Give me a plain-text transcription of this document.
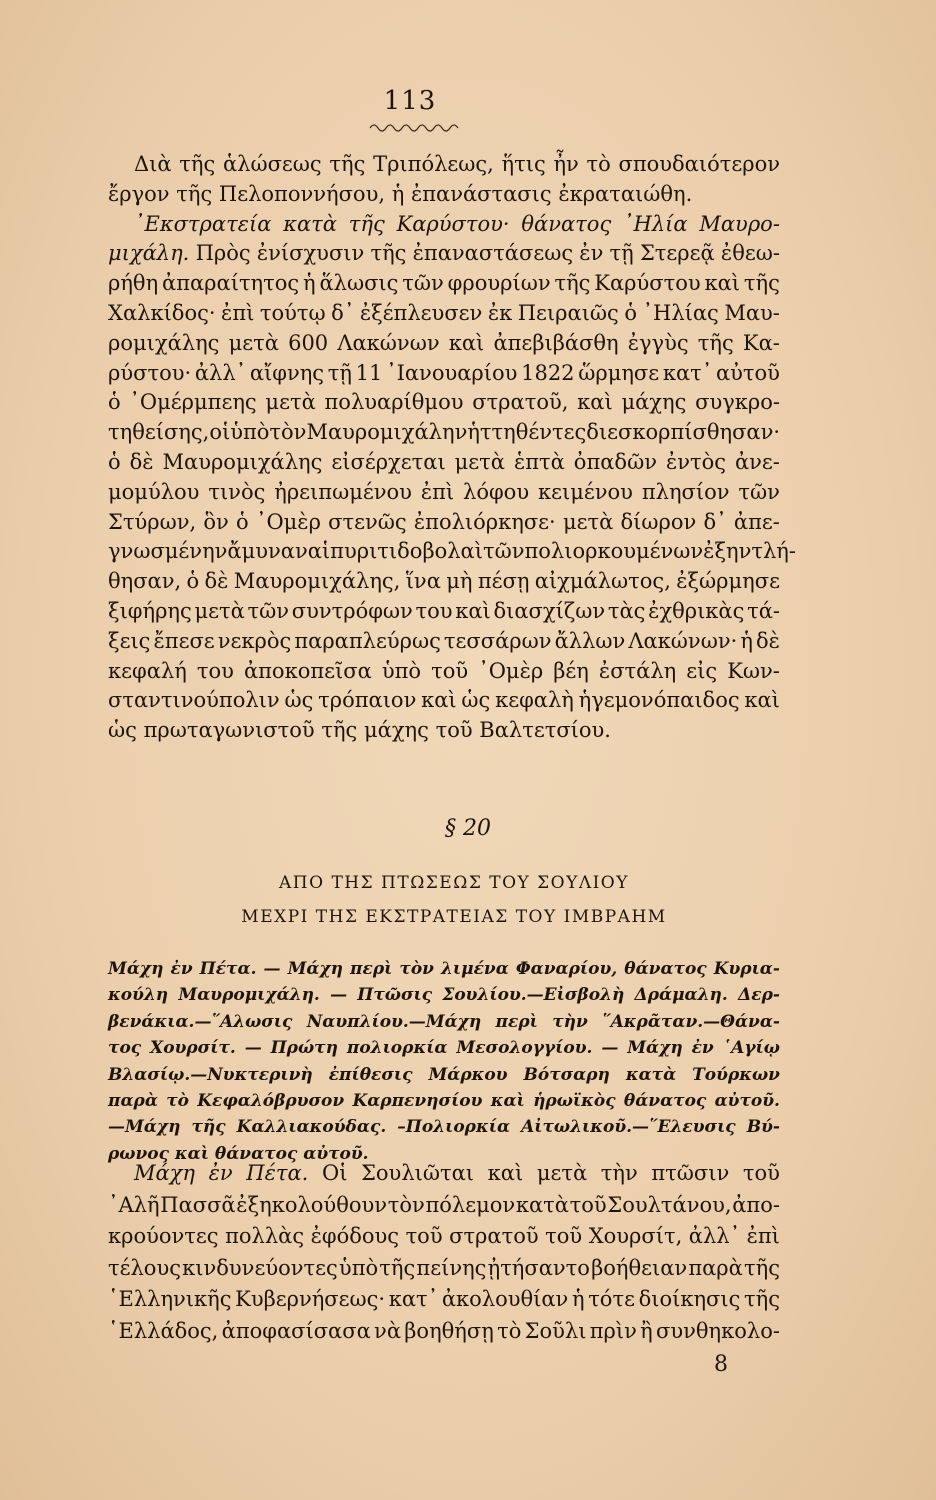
113
Διὰ τῆς ἁλώσεως τῆς Τριπόλεως, ἥτις ἦν τὸ σπουδαιότερον
ἔργον τῆς Πελοποννήσου, ἡ ἐπανάστασις ἐκραταιώθη.
᾿Εκστρατεία κατὰ τῆς Καρύστου· θάνατος ᾿Ηλία Μαυρο-
μιχάλη. Πρὸς ἐνίσχυσιν τῆς ἐπαναστάσεως ἐν τῇ Στερεᾷ ἐθεω-
ρήθη ἀπαραίτητος ἡ ἅλωσις τῶν φρουρίων τῆς Καρύστου καὶ τῆς
Χαλκίδος· ἐπὶ τούτῳ δ᾿ ἐξέπλευσεν ἐκ Πειραιῶς ὁ ᾿Ηλίας Μαυ-
ρομιχάλης μετὰ 600 Λακώνων καὶ ἀπεβιβάσθη ἐγγὺς τῆς Κα-
ρύστου· ἀλλ᾿ αἴφνης τῇ 11 ᾿Ιανουαρίου 1822 ὥρμησε κατ᾿ αὐτοῦ
ὁ ᾿Ομέρμπεης μετὰ πολυαρίθμου στρατοῦ, καὶ μάχης συγκρο-
τηθείσης, οἱ ὑπὸ τὸν Μαυρομιχάλην ἡττηθέντες διεσκορπίσθησαν·
ὁ δὲ Μαυρομιχάλης εἰσέρχεται μετὰ ἑπτὰ ὀπαδῶν ἐντὸς ἀνε-
μομύλου τινὸς ἠρειπωμένου ἐπὶ λόφου κειμένου πλησίον τῶν
Στύρων, ὃν ὁ ᾿Ομὲρ στενῶς ἐπολιόρκησε· μετὰ δίωρον δ᾿ ἀπε-
γνωσμένην ἄμυναν αἱ πυριτιδοβολαὶ τῶν πολιορκουμένων ἐξηντλή-
θησαν, ὁ δὲ Μαυρομιχάλης, ἵνα μὴ πέσῃ αἰχμάλωτος, ἐξώρμησε
ξιφήρης μετὰ τῶν συντρόφων του καὶ διασχίζων τὰς ἐχθρικὰς τά-
ξεις ἔπεσε νεκρὸς παραπλεύρως τεσσάρων ἄλλων Λακώνων· ἡ δὲ
κεφαλή του ἀποκοπεῖσα ὑπὸ τοῦ ᾿Ομὲρ βέη ἐστάλη εἰς Κων-
σταντινούπολιν ὡς τρόπαιον καὶ ὡς κεφαλὴ ἡγεμονόπαιδος καὶ
ὡς πρωταγωνιστοῦ τῆς μάχης τοῦ Βαλτετσίου.
§ 20
ΑΠΟ ΤΗΣ ΠΤΩΣΕΩΣ ΤΟΥ ΣΟΥΛΙΟΥ
ΜΕΧΡΙ ΤΗΣ ΕΚΣΤΡΑΤΕΙΑΣ ΤΟΥ ΙΜΒΡΑΗΜ
Μάχη ἐν Πέτα. — Μάχη περὶ τὸν λιμένα Φαναρίου, θάνατος Κυρια-
κούλη Μαυρομιχάλη. — Πτῶσις Σουλίου.—Εἰσβολὴ Δράμαλη. Δερ-
βενάκια.—῞Αλωσις Ναυπλίου.—Μάχη περὶ τὴν ῞Ακρᾶταν.—Θάνα-
τος Χουρσίτ. — Πρώτη πολιορκία Μεσολογγίου. — Μάχη ἐν ῾Αγίῳ
Βλασίῳ.—Νυκτερινὴ ἐπίθεσις Μάρκου Βότσαρη κατὰ Τούρκων
παρὰ τὸ Κεφαλόβρυσον Καρπενησίου καὶ ἡρωϊκὸς θάνατος αὐτοῦ.
—Μάχη τῆς Καλλιακούδας. –Πολιορκία Αἰτωλικοῦ.—῞Ελευσις Βύ-
ρωνος καὶ θάνατος αὐτοῦ.
Μάχη ἐν Πέτα. Οἱ Σουλιῶται καὶ μετὰ τὴν πτῶσιν τοῦ
᾿Αλῆ Πασσᾶ ἐξηκολούθουν τὸν πόλεμον κατὰ τοῦ Σουλτάνου, ἀπο-
κρούοντες πολλὰς ἐφόδους τοῦ στρατοῦ τοῦ Χουρσίτ, ἀλλ᾿ ἐπὶ
τέλους κινδυνεύοντες ὑπὸ τῆς πείνης ᾐτήσαντο βοήθειαν παρὰ τῆς
῾Ελληνικῆς Κυβερνήσεως· κατ᾿ ἀκολουθίαν ἡ τότε διοίκησις τῆς
῾Ελλάδος, ἀποφασίσασα νὰ βοηθήσῃ τὸ Σοῦλι πρὶν ἢ συνθηκολο-
8
